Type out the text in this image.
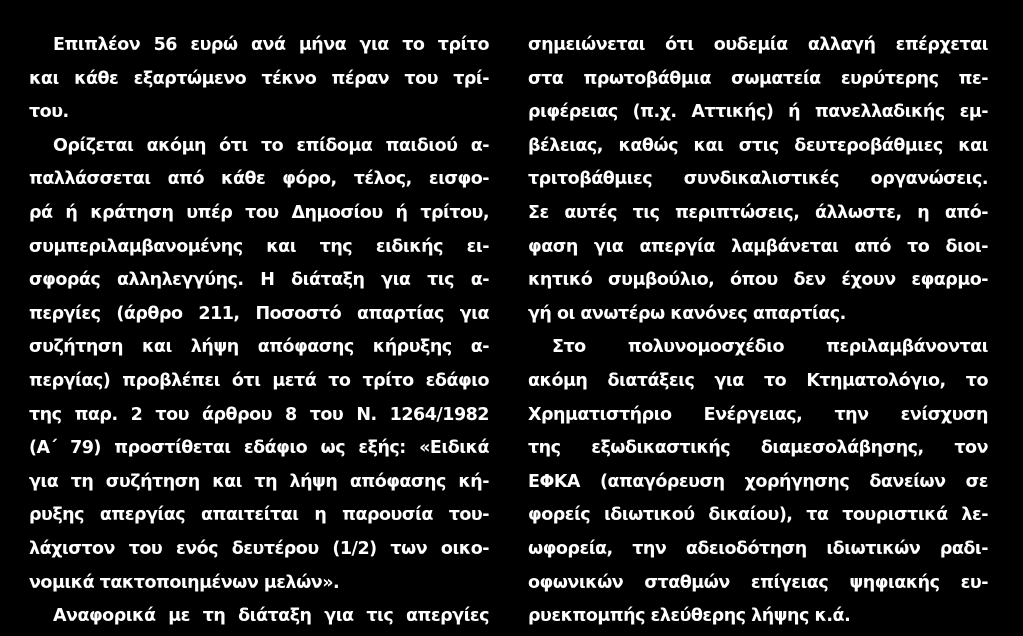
Επιπλέον 56 ευρώ ανά μήνα για το τρίτο
και κάθε εξαρτώμενο τέκνο πέραν του τρί-
του.
Ορίζεται ακόμη ότι το επίδομα παιδιού α-
παλλάσσεται από κάθε φόρο, τέλος, εισφο-
ρά ή κράτηση υπέρ του Δημοσίου ή τρίτου,
συμπεριλαμβανομένης και της ειδικής ει-
σφοράς αλληλεγγύης. Η διάταξη για τις α-
περγίες (άρθρο 211, Ποσοστό απαρτίας για
συζήτηση και λήψη απόφασης κήρυξης α-
περγίας) προβλέπει ότι μετά το τρίτο εδάφιο
της παρ. 2 του άρθρου 8 του Ν. 1264/1982
(Α΄ 79) προστίθεται εδάφιο ως εξής: «Ειδικά
για τη συζήτηση και τη λήψη απόφασης κή-
ρυξης απεργίας απαιτείται η παρουσία του-
λάχιστον του ενός δευτέρου (1/2) των οικο-
νομικά τακτοποιημένων μελών».
Αναφορικά με τη διάταξη για τις απεργίες
σημειώνεται ότι ουδεμία αλλαγή επέρχεται
στα πρωτοβάθμια σωματεία ευρύτερης πε-
ριφέρειας (π.χ. Αττικής) ή πανελλαδικής εμ-
βέλειας, καθώς και στις δευτεροβάθμιες και
τριτοβάθμιες συνδικαλιστικές οργανώσεις.
Σε αυτές τις περιπτώσεις, άλλωστε, η από-
φαση για απεργία λαμβάνεται από το διοι-
κητικό συμβούλιο, όπου δεν έχουν εφαρμο-
γή οι ανωτέρω κανόνες απαρτίας.
Στο πολυνομοσχέδιο περιλαμβάνονται
ακόμη διατάξεις για το Κτηματολόγιο, το
Χρηματιστήριο Ενέργειας, την ενίσχυση
της εξωδικαστικής διαμεσολάβησης, τον
ΕΦΚΑ (απαγόρευση χορήγησης δανείων σε
φορείς ιδιωτικού δικαίου), τα τουριστικά λε-
ωφορεία, την αδειοδότηση ιδιωτικών ραδι-
οφωνικών σταθμών επίγειας ψηφιακής ευ-
ρυεκπομπής ελεύθερης λήψης κ.ά.
